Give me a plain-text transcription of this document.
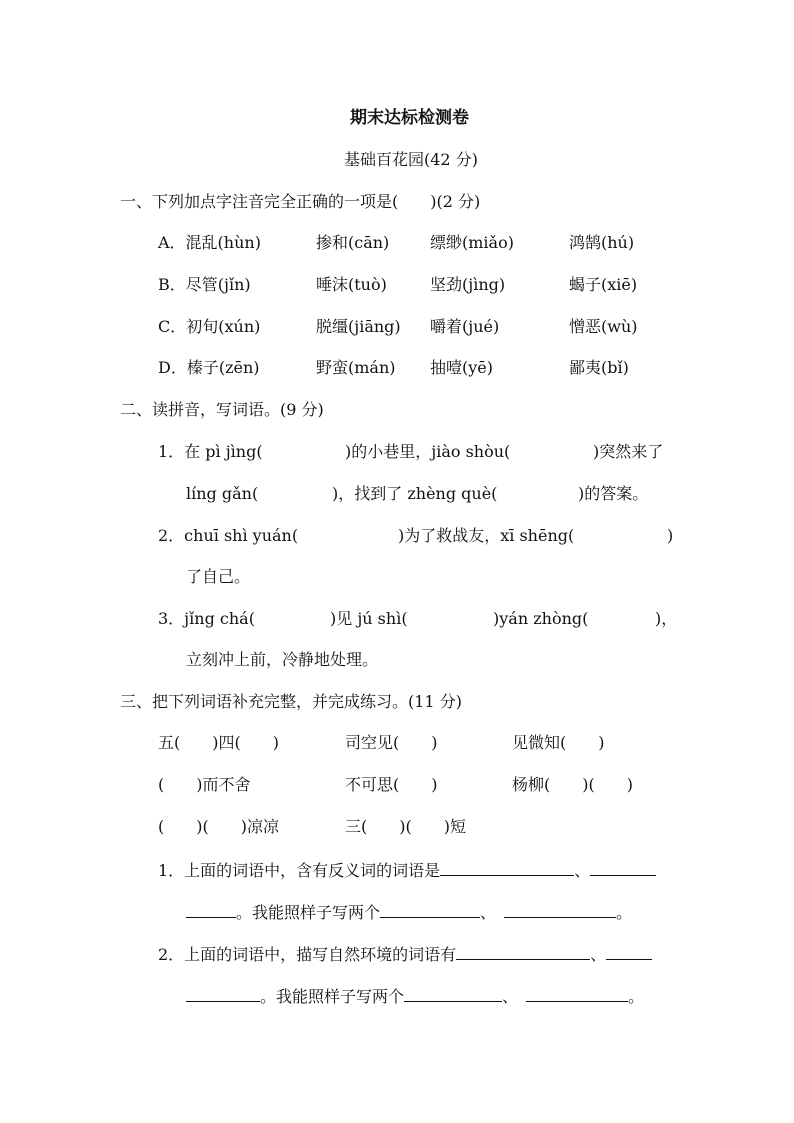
期末达标检测卷
基础百花园(42 分)
一、下列加点字注音完全正确的一项是(　　)(2 分)
A．混乱(hùn)	掺和(cān)	缥缈(miǎo)	鸿鹄(hú)
B．尽管(jǐn)	唾沫(tuò)	坚劲(jìng)	蝎子(xiē)
C．初旬(xún)	脱缰(jiāng) 嚼着(jué)	憎恶(wù)
D．榛子(zēn)	野蛮(mán) 抽噎(yē)	鄙夷(bǐ)
二、读拼音，写词语。(9 分)
1．在 pì jìng(	)的小巷里，jiào shòu(	)突然来了
líng gǎn(	)，找到了 zhèng què(	)的答案。
2．chuī shì yuán(	)为了救战友，xī shēng(	)
了自己。
3．jǐng chá(	)见 jú shì(	)yán zhòng(	)，
立刻冲上前，冷静地处理。
三、把下列词语补充完整，并完成练习。(11 分)
五(　　)四(　　)	司空见(　　)	见微知(　　)
(　　)而不舍	不可思(　　)	杨柳(　　)(　　)
(　　)(　　)凉凉	三(　　)(　　)短
1．上面的词语中，含有反义词的词语是	、
。我能照样子写两个	、	。
2．上面的词语中，描写自然环境的词语有	、
。我能照样子写两个	、	。
